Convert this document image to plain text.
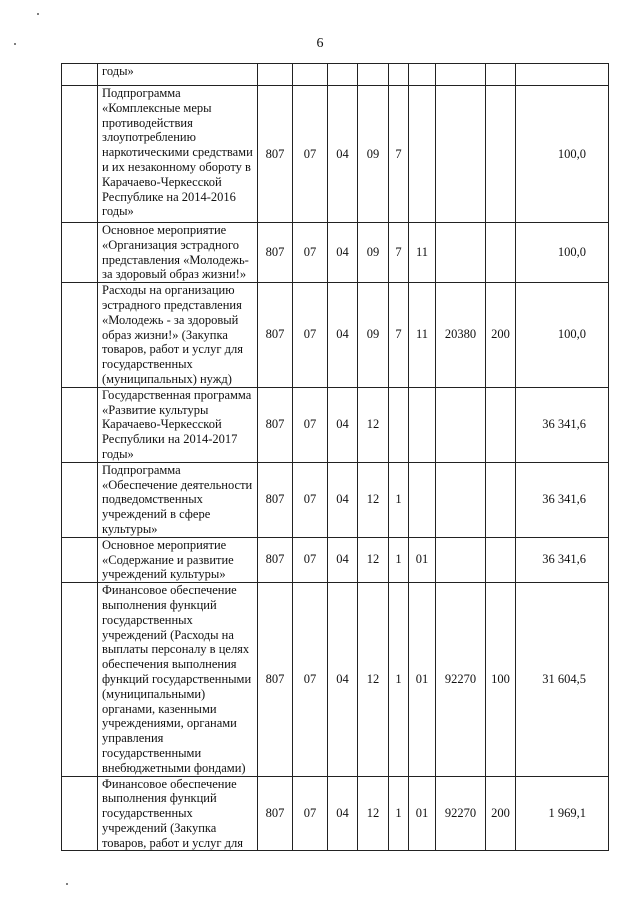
6
	годы»									
	Подпрограмма «Комплексные меры противодействия злоупотреблению наркотическими средствами и их незаконному обороту в Карачаево-Черкесской Республике на 2014-2016 годы»	807	07	04	09	7				100,0
	Основное мероприятие «Организация эстрадного представления «Молодежь-за здоровый образ жизни!»	807	07	04	09	7	11			100,0
	Расходы на организацию эстрадного представления «Молодежь - за здоровый образ жизни!» (Закупка товаров, работ и услуг для государственных (муниципальных) нужд)	807	07	04	09	7	11	20380	200	100,0
	Государственная программа «Развитие культуры Карачаево-Черкесской Республики на 2014-2017 годы»	807	07	04	12					36 341,6
	Подпрограмма «Обеспечение деятельности подведомственных учреждений в сфере культуры»	807	07	04	12	1				36 341,6
	Основное мероприятие «Содержание и развитие учреждений культуры»	807	07	04	12	1	01			36 341,6
	Финансовое обеспечение выполнения функций государственных учреждений (Расходы на выплаты персоналу в целях обеспечения выполнения функций государственными (муниципальными) органами, казенными учреждениями, органами управления государственными внебюджетными фондами)	807	07	04	12	1	01	92270	100	31 604,5
	Финансовое обеспечение выполнения функций государственных учреждений (Закупка товаров, работ и услуг для	807	07	04	12	1	01	92270	200	1 969,1
